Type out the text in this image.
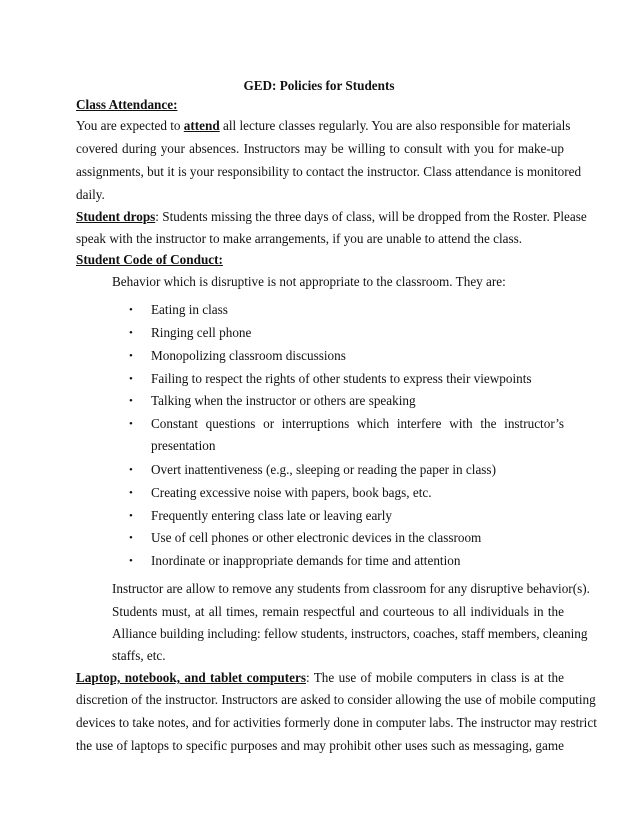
GED: Policies for Students
Class Attendance:
You are expected to attend all lecture classes regularly. You are also responsible for materials
covered during your absences. Instructors may be willing to consult with you for make-up
assignments, but it is your responsibility to contact the instructor. Class attendance is monitored
daily.
Student drops: Students missing the three days of class, will be dropped from the Roster. Please
speak with the instructor to make arrangements, if you are unable to attend the class.
Student Code of Conduct:
Behavior which is disruptive is not appropriate to the classroom. They are:
•	Eating in class
•	Ringing cell phone
•	Monopolizing classroom discussions
•	Failing to respect the rights of other students to express their viewpoints
•	Talking when the instructor or others are speaking
•	Constant questions or interruptions which interfere with the instructor’s
presentation
•	Overt inattentiveness (e.g., sleeping or reading the paper in class)
•	Creating excessive noise with papers, book bags, etc.
•	Frequently entering class late or leaving early
•	Use of cell phones or other electronic devices in the classroom
•	Inordinate or inappropriate demands for time and attention
Instructor are allow to remove any students from classroom for any disruptive behavior(s).
Students must, at all times, remain respectful and courteous to all individuals in the
Alliance building including: fellow students, instructors, coaches, staff members, cleaning
staffs, etc.
Laptop, notebook, and tablet computers: The use of mobile computers in class is at the
discretion of the instructor. Instructors are asked to consider allowing the use of mobile computing
devices to take notes, and for activities formerly done in computer labs. The instructor may restrict
the use of laptops to specific purposes and may prohibit other uses such as messaging, game
